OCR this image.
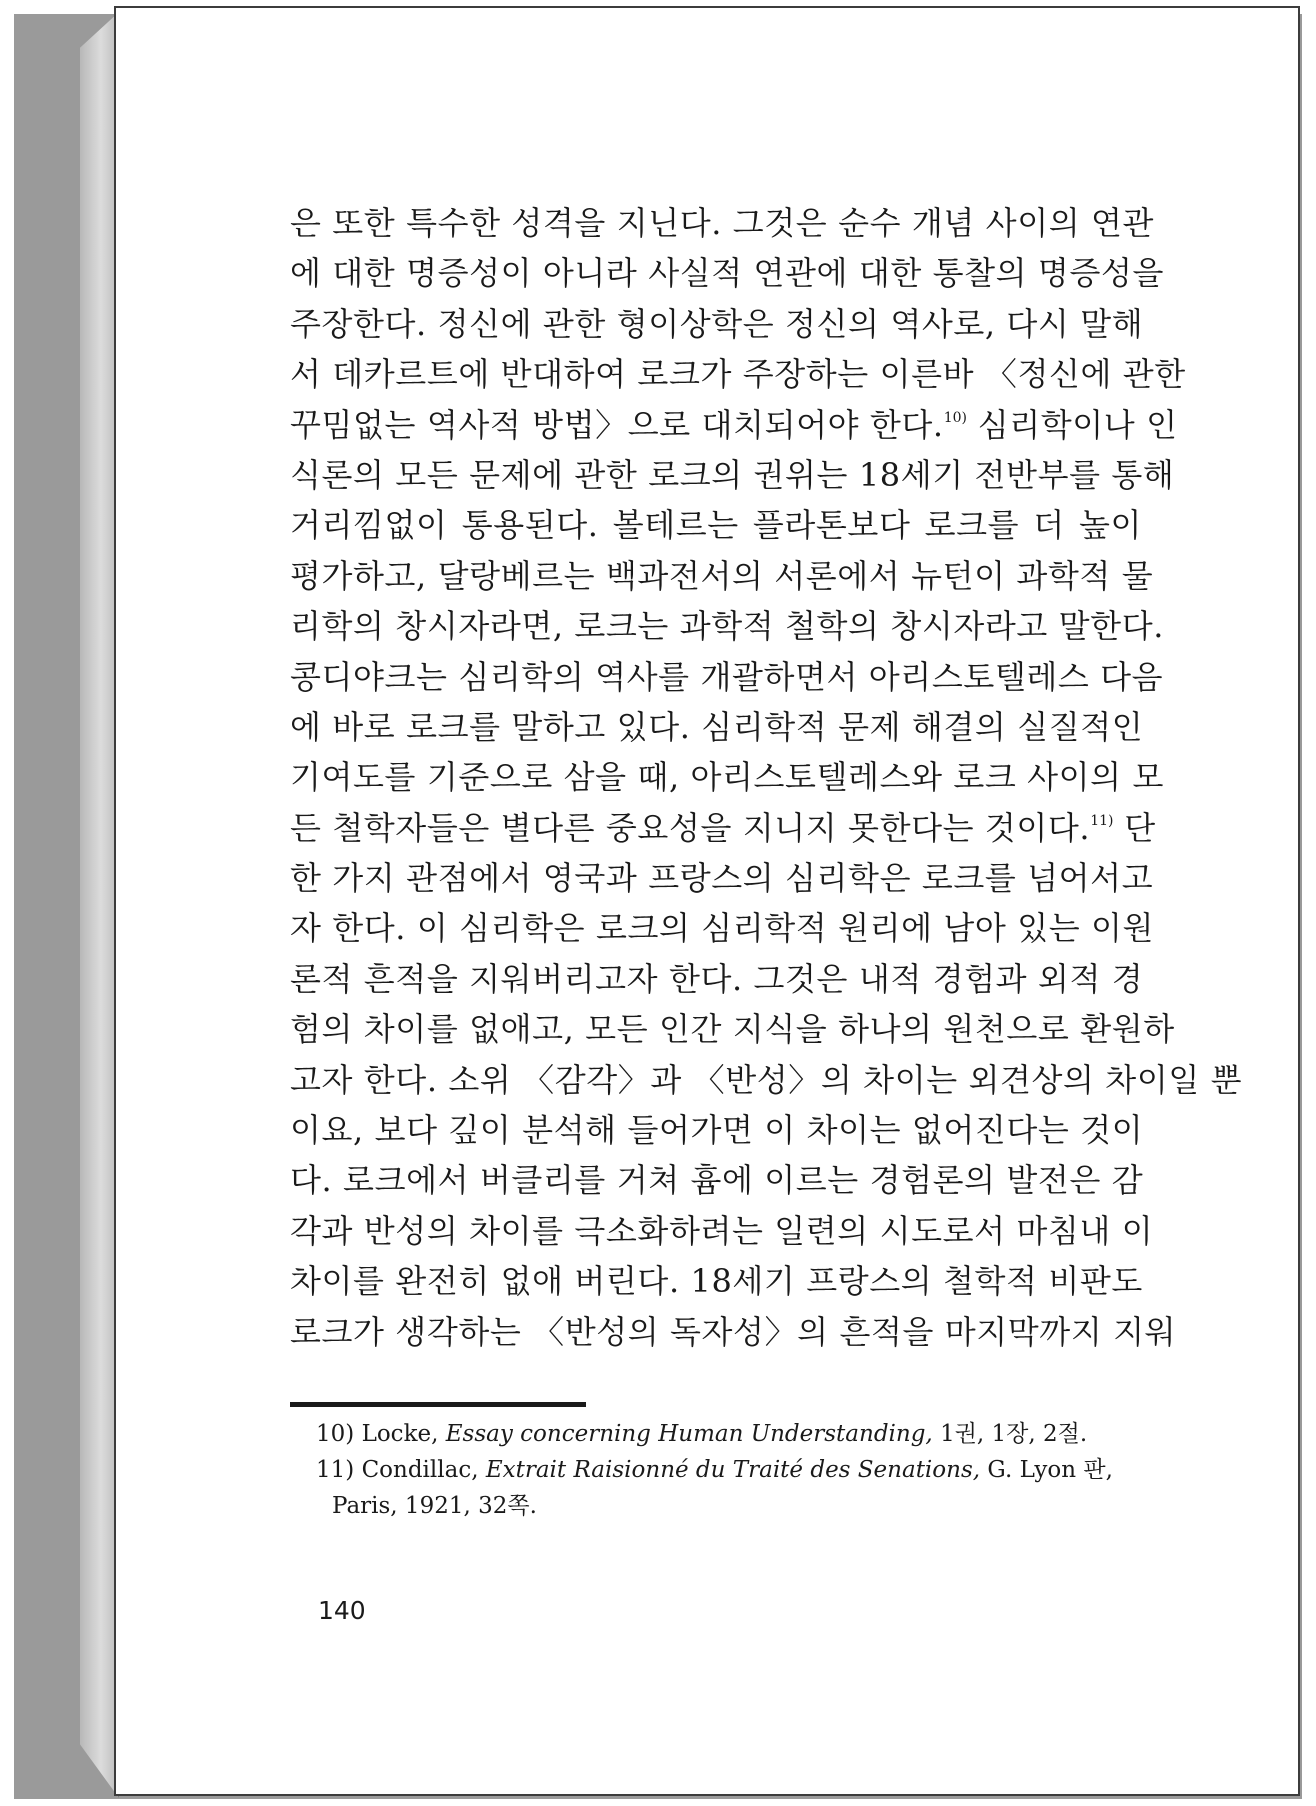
은 또한 특수한 성격을 지닌다. 그것은 순수 개념 사이의 연관
에 대한 명증성이 아니라 사실적 연관에 대한 통찰의 명증성을
주장한다. 정신에 관한 형이상학은 정신의 역사로, 다시 말해
서 데카르트에 반대하여 로크가 주장하는 이른바 〈정신에 관한
꾸밈없는 역사적 방법〉으로 대치되어야 한다.$^{10)}$ 심리학이나 인
식론의 모든 문제에 관한 로크의 권위는 18세기 전반부를 통해
거리낌없이 통용된다. 볼테르는 플라톤보다 로크를 더 높이
평가하고, 달랑베르는 백과전서의 서론에서 뉴턴이 과학적 물
리학의 창시자라면, 로크는 과학적 철학의 창시자라고 말한다.
콩디야크는 심리학의 역사를 개괄하면서 아리스토텔레스 다음
에 바로 로크를 말하고 있다. 심리학적 문제 해결의 실질적인
기여도를 기준으로 삼을 때, 아리스토텔레스와 로크 사이의 모
든 철학자들은 별다른 중요성을 지니지 못한다는 것이다.$^{11)}$ 단
한 가지 관점에서 영국과 프랑스의 심리학은 로크를 넘어서고
자 한다. 이 심리학은 로크의 심리학적 원리에 남아 있는 이원
론적 흔적을 지워버리고자 한다. 그것은 내적 경험과 외적 경
험의 차이를 없애고, 모든 인간 지식을 하나의 원천으로 환원하
고자 한다. 소위 〈감각〉과 〈반성〉의 차이는 외견상의 차이일 뿐
이요, 보다 깊이 분석해 들어가면 이 차이는 없어진다는 것이
다. 로크에서 버클리를 거쳐 흄에 이르는 경험론의 발전은 감
각과 반성의 차이를 극소화하려는 일련의 시도로서 마침내 이
차이를 완전히 없애 버린다. 18세기 프랑스의 철학적 비판도
로크가 생각하는 〈반성의 독자성〉의 흔적을 마지막까지 지워
10) Locke, Essay concerning Human Understanding, 1권, 1장, 2절.
11) Condillac, Extrait Raisionné du Traité des Senations, G. Lyon 판,
Paris, 1921, 32쪽.
140
